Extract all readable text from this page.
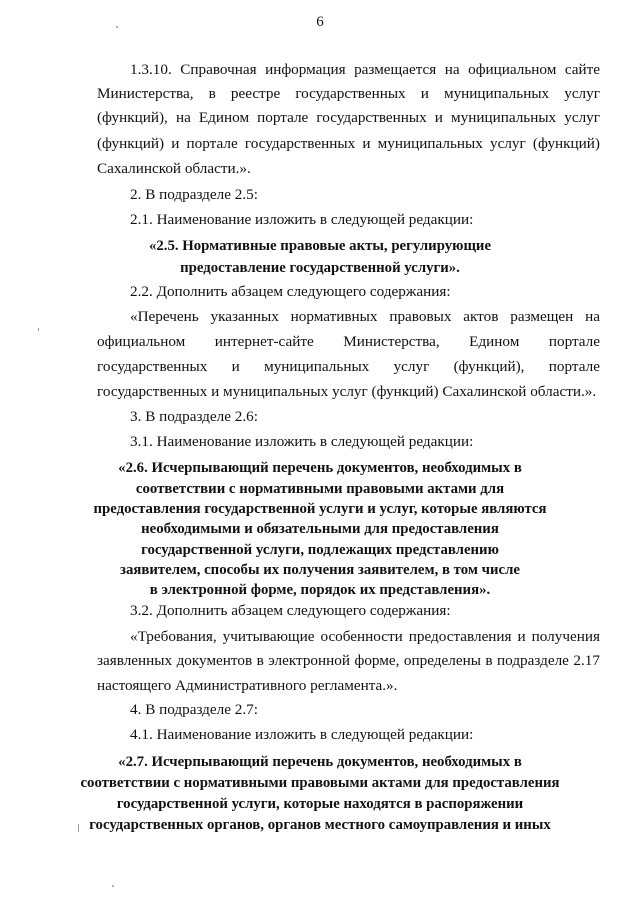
6
1.3.10. Справочная информация размещается на официальном сайте
Министерства, в реестре государственных и муниципальных услуг
(функций), на Едином портале государственных и муниципальных услуг
(функций) и портале государственных и муниципальных услуг (функций)
Сахалинской области.».
2. В подразделе 2.5:
2.1. Наименование изложить в следующей редакции:
«2.5. Нормативные правовые акты, регулирующие
предоставление государственной услуги».
2.2. Дополнить абзацем следующего содержания:
«Перечень указанных нормативных правовых актов размещен на
официальном интернет-сайте Министерства, Едином портале
государственных и муниципальных услуг (функций), портале
государственных и муниципальных услуг (функций) Сахалинской области.».
3. В подразделе 2.6:
3.1. Наименование изложить в следующей редакции:
«2.6. Исчерпывающий перечень документов, необходимых в
соответствии с нормативными правовыми актами для
предоставления государственной услуги и услуг, которые являются
необходимыми и обязательными для предоставления
государственной услуги, подлежащих представлению
заявителем, способы их получения заявителем, в том числе
в электронной форме, порядок их представления».
3.2. Дополнить абзацем следующего содержания:
«Требования, учитывающие особенности предоставления и получения
заявленных документов в электронной форме, определены в подразделе 2.17
настоящего Административного регламента.».
4. В подразделе 2.7:
4.1. Наименование изложить в следующей редакции:
«2.7. Исчерпывающий перечень документов, необходимых в
соответствии с нормативными правовыми актами для предоставления
государственной услуги, которые находятся в распоряжении
государственных органов, органов местного самоуправления и иных
